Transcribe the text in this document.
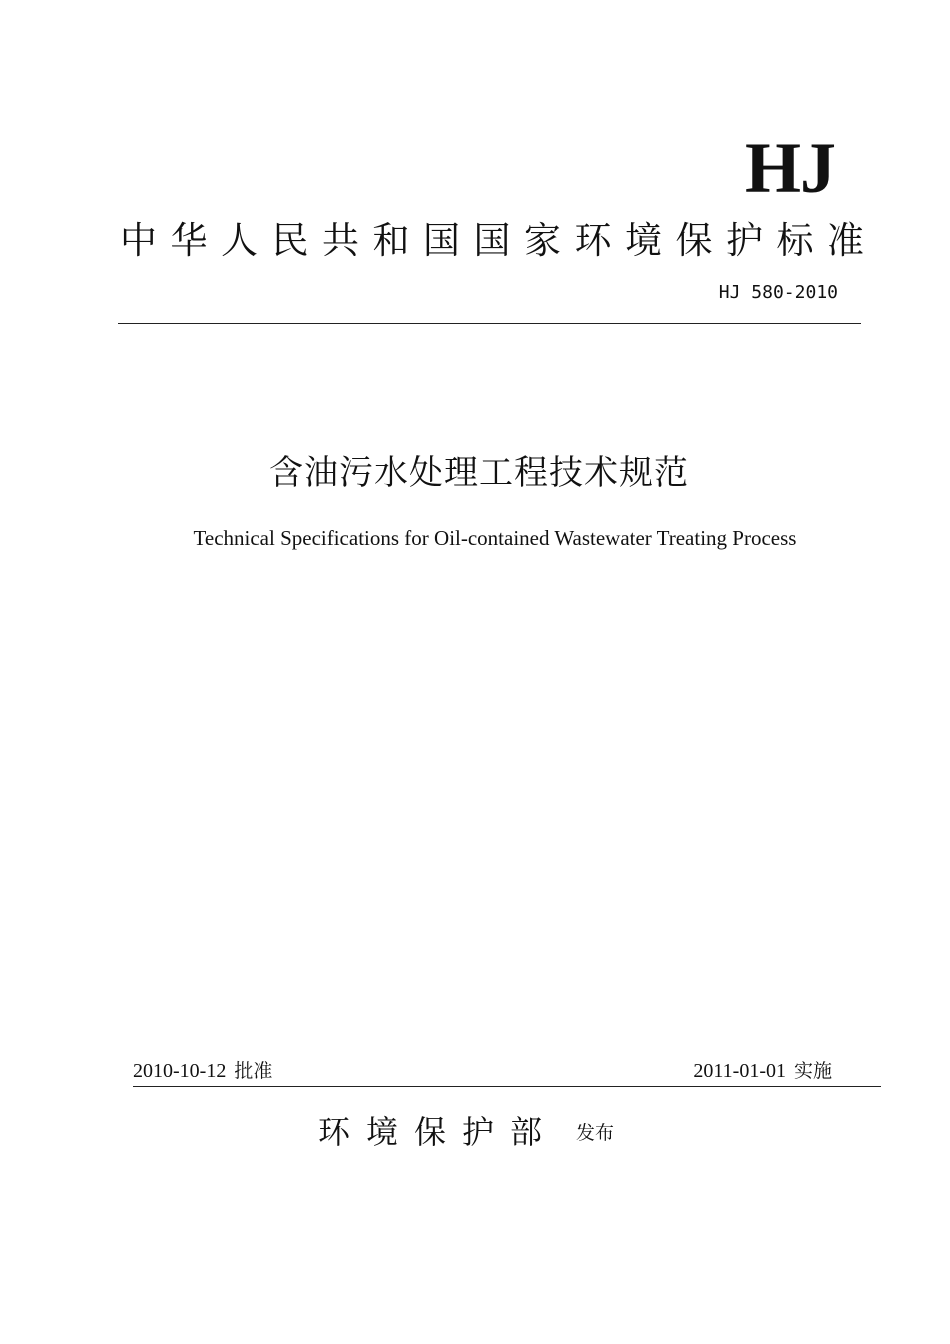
HJ
中华人民共和国国家环境保护标准
HJ 580-2010
含油污水处理工程技术规范
Technical Specifications for Oil-contained Wastewater Treating Process
2010-10-12 批准	2011-01-01 实施
环境保护部 发布
